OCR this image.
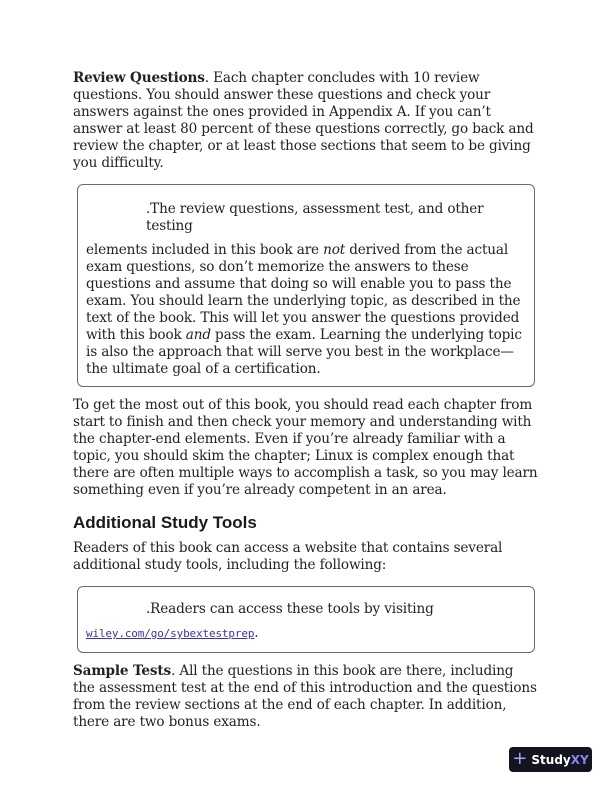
Review Questions. Each chapter concludes with 10 review questions. You should answer these questions and check your answers against the ones provided in Appendix A. If you can’t answer at least 80 percent of these questions correctly, go back and review the chapter, or at least those sections that seem to be giving you difficulty.

.The review questions, assessment test, and other testing

elements included in this book are not derived from the actual exam questions, so don’t memorize the answers to these questions and assume that doing so will enable you to pass the exam. You should learn the underlying topic, as described in the text of the book. This will let you answer the questions provided with this book and pass the exam. Learning the underlying topic is also the approach that will serve you best in the workplace—the ultimate goal of a certification.

To get the most out of this book, you should read each chapter from start to finish and then check your memory and understanding with the chapter-end elements. Even if you’re already familiar with a topic, you should skim the chapter; Linux is complex enough that there are often multiple ways to accomplish a task, so you may learn something even if you’re already competent in an area.

Additional Study Tools

Readers of this book can access a website that contains several additional study tools, including the following:

.Readers can access these tools by visiting

wiley.com/go/sybextestprep.

Sample Tests. All the questions in this book are there, including the assessment test at the end of this introduction and the questions from the review sections at the end of each chapter. In addition, there are two bonus exams.

+ StudyXY
